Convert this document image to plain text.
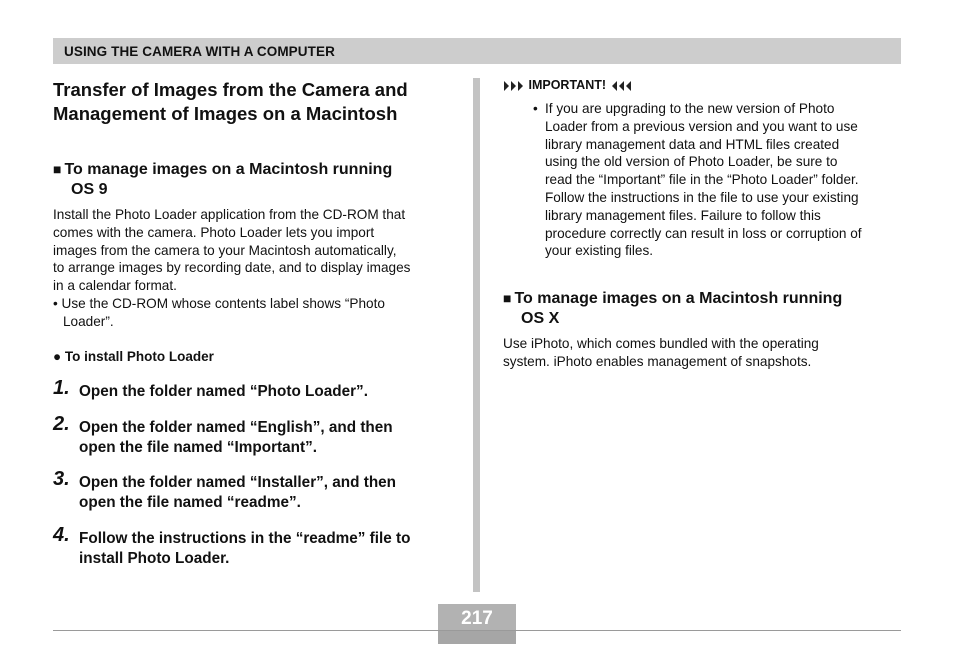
USING THE CAMERA WITH A COMPUTER
Transfer of Images from the Camera and
Management of Images on a Macintosh
■ To manage images on a Macintosh running
OS 9
Install the Photo Loader application from the CD-ROM that
comes with the camera. Photo Loader lets you import
images from the camera to your Macintosh automatically,
to arrange images by recording date, and to display images
in a calendar format.
• Use the CD-ROM whose contents label shows “Photo
Loader”.
● To install Photo Loader
1. Open the folder named “Photo Loader”.
2. Open the folder named “English”, and then
open the file named “Important”.
3. Open the folder named “Installer”, and then
open the file named “readme”.
4. Follow the instructions in the “readme” file to
install Photo Loader.
IMPORTANT!
• If you are upgrading to the new version of Photo
Loader from a previous version and you want to use
library management data and HTML files created
using the old version of Photo Loader, be sure to
read the “Important” file in the “Photo Loader” folder.
Follow the instructions in the file to use your existing
library management files. Failure to follow this
procedure correctly can result in loss or corruption of
your existing files.
■ To manage images on a Macintosh running
OS X
Use iPhoto, which comes bundled with the operating
system. iPhoto enables management of snapshots.
217
